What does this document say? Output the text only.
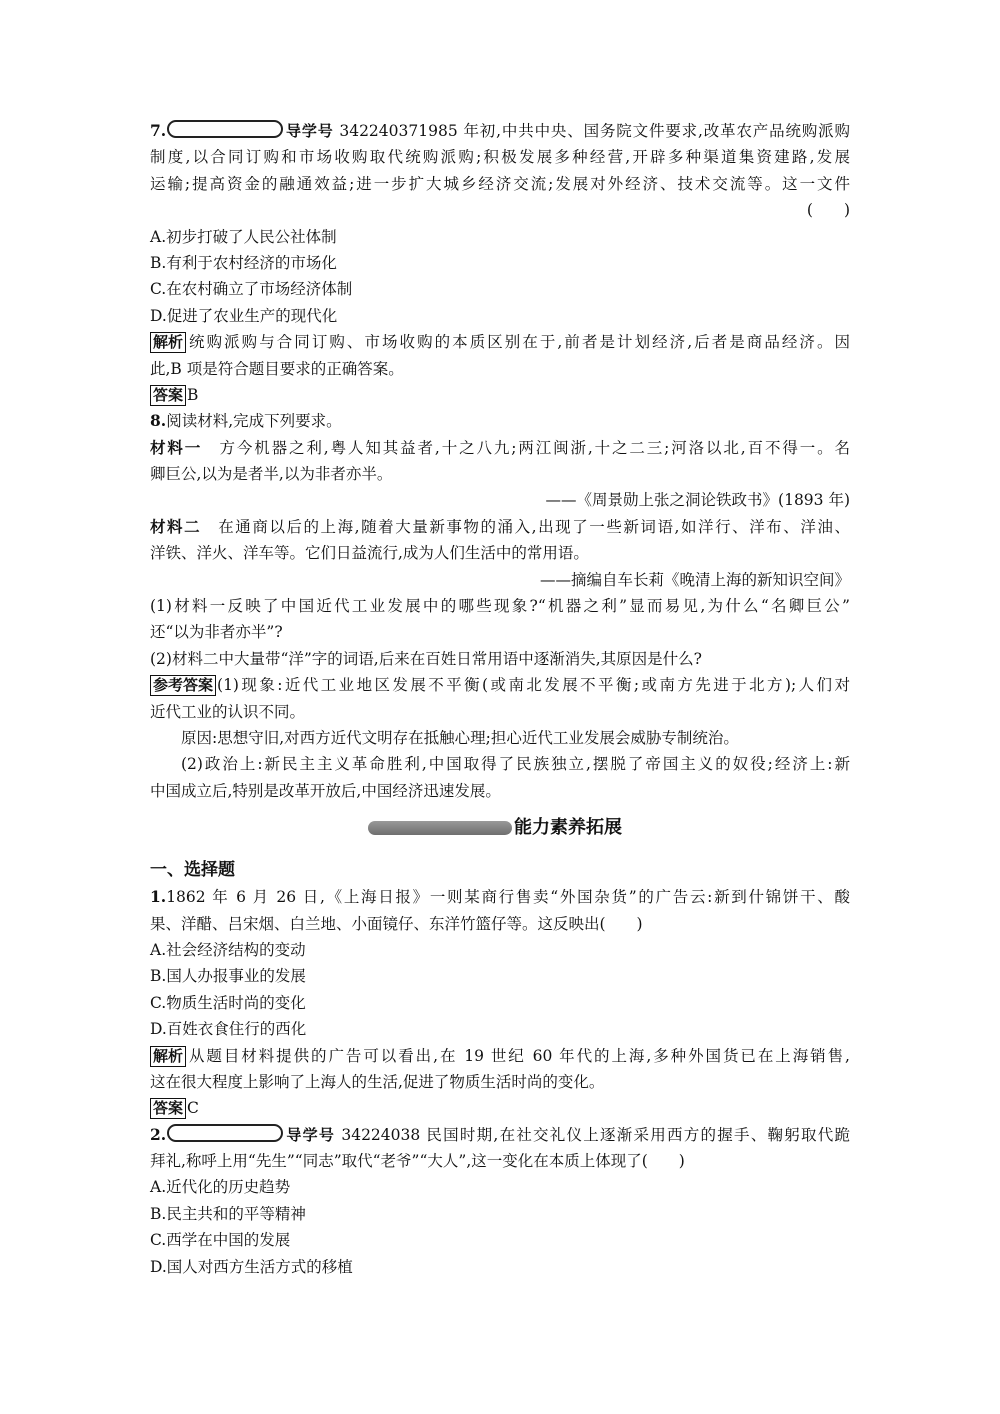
7.	导学号 342240371985 年初,中共中央、国务院文件要求,改革农产品统购派购
制度,以合同订购和市场收购取代统购派购;积极发展多种经营,开辟多种渠道集资建路,发展
运输;提高资金的融通效益;进一步扩大城乡经济交流;发展对外经济、技术交流等。这一文件
(　　)
A.初步打破了人民公社体制
B.有利于农村经济的市场化
C.在农村确立了市场经济体制
D.促进了农业生产的现代化
解析 统购派购与合同订购、市场收购的本质区别在于,前者是计划经济,后者是商品经济。因
此,B 项是符合题目要求的正确答案。
答案 B
8.阅读材料,完成下列要求。
材料一　 方今机器之利,粤人知其益者,十之八九;两江闽浙,十之二三;河洛以北,百不得一。名
卿巨公,以为是者半,以为非者亦半。
——《周景勋上张之洞论铁政书》(1893 年)
材料二　 在通商以后的上海,随着大量新事物的涌入,出现了一些新词语,如洋行、洋布、洋油、
洋铁、洋火、洋车等。它们日益流行,成为人们生活中的常用语。
——摘编自车长莉《晚清上海的新知识空间》
(1)材料一反映了中国近代工业发展中的哪些现象?“机器之利”显而易见,为什么“名卿巨公”
还“以为非者亦半”?
(2)材料二中大量带“洋”字的词语,后来在百姓日常用语中逐渐消失,其原因是什么?
参考答案 (1)现象:近代工业地区发展不平衡(或南北发展不平衡;或南方先进于北方);人们对
近代工业的认识不同。
原因:思想守旧,对西方近代文明存在抵触心理;担心近代工业发展会威胁专制统治。
(2)政治上:新民主主义革命胜利,中国取得了民族独立,摆脱了帝国主义的奴役;经济上:新
中国成立后,特别是改革开放后,中国经济迅速发展。
能力素养拓展
一、选择题
1.1862 年 6 月 26 日,《上海日报》一则某商行售卖“外国杂货”的广告云:新到什锦饼干、酸
果、洋醋、吕宋烟、白兰地、小面镜仔、东洋竹篮仔等。这反映出(　　)
A.社会经济结构的变动
B.国人办报事业的发展
C.物质生活时尚的变化
D.百姓衣食住行的西化
解析 从题目材料提供的广告可以看出,在 19 世纪 60 年代的上海,多种外国货已在上海销售,
这在很大程度上影响了上海人的生活,促进了物质生活时尚的变化。
答案 C
2.	导学号 34224038 民国时期,在社交礼仪上逐渐采用西方的握手、鞠躬取代跪
拜礼,称呼上用“先生”“同志”取代“老爷”“大人”,这一变化在本质上体现了(　　)
A.近代化的历史趋势
B.民主共和的平等精神
C.西学在中国的发展
D.国人对西方生活方式的移植
